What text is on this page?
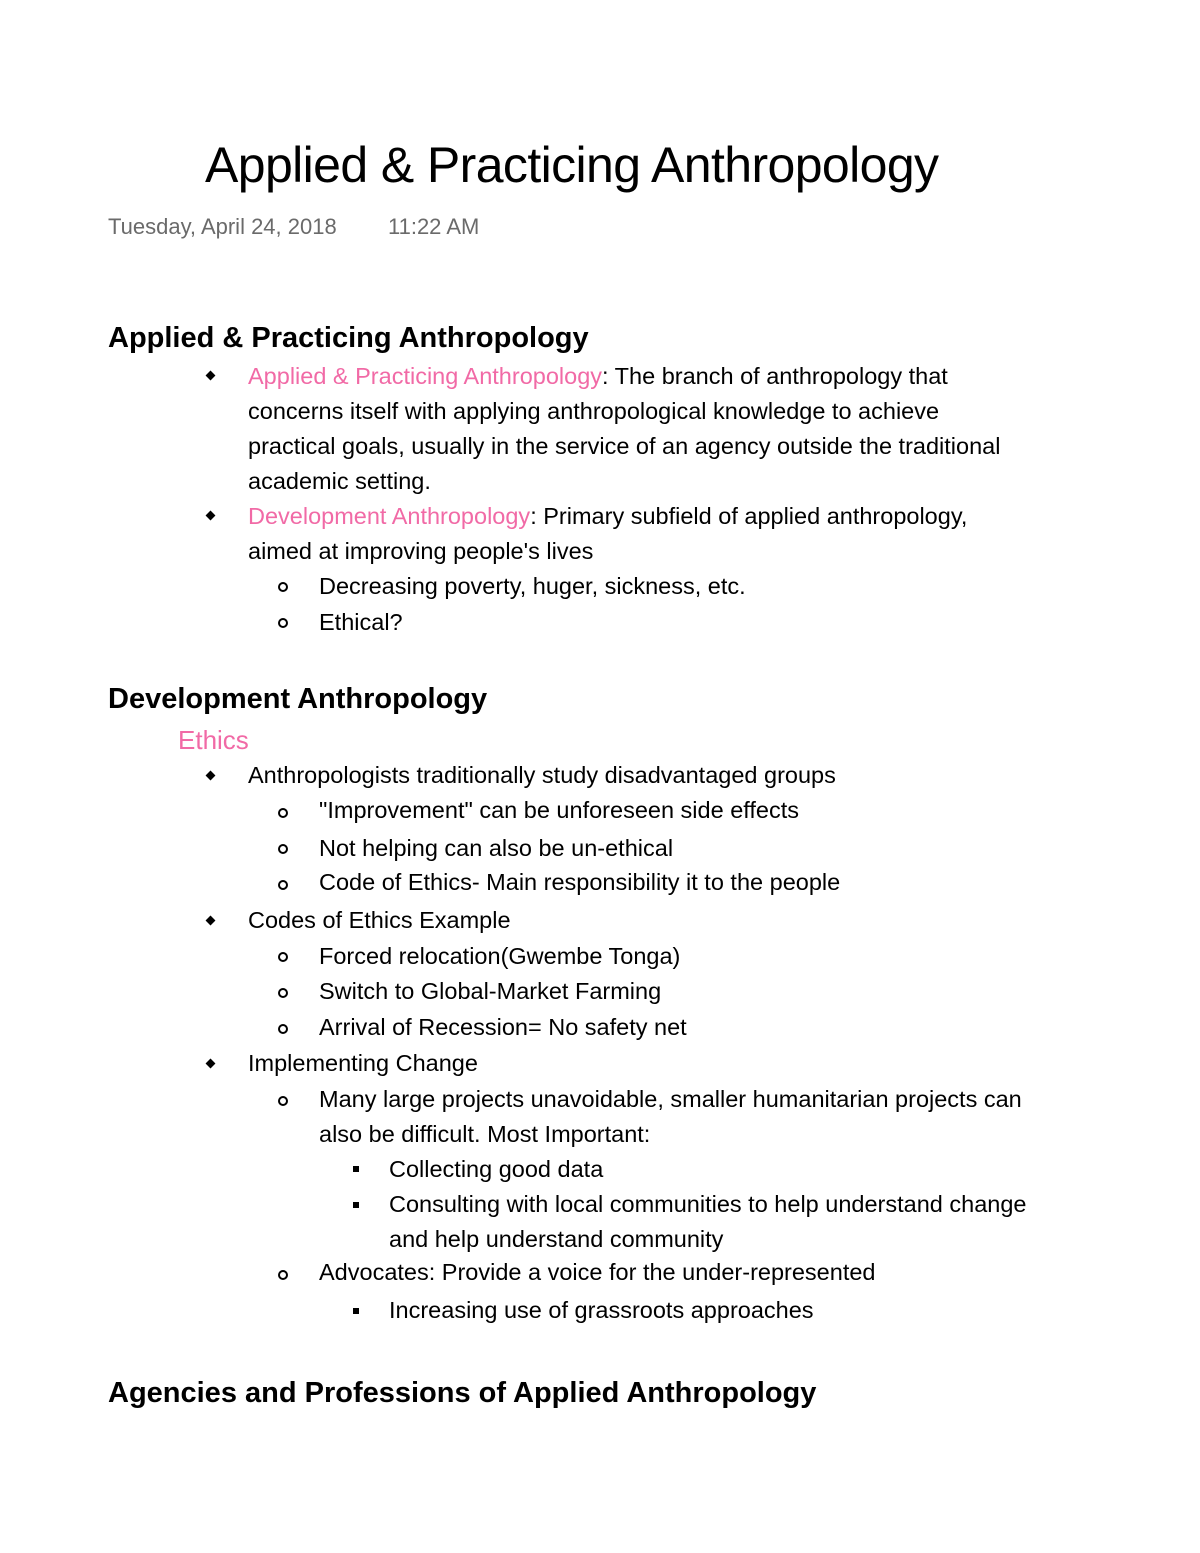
Applied & Practicing Anthropology
Tuesday, April 24, 2018 11:22 AM
Applied & Practicing Anthropology
Applied & Practicing Anthropology: The branch of anthropology that
concerns itself with applying anthropological knowledge to achieve
practical goals, usually in the service of an agency outside the traditional
academic setting.
Development Anthropology: Primary subfield of applied anthropology,
aimed at improving people's lives
Decreasing poverty, huger, sickness, etc.
Ethical?
Development Anthropology
Ethics
Anthropologists traditionally study disadvantaged groups
"Improvement" can be unforeseen side effects
Not helping can also be un-ethical
Code of Ethics- Main responsibility it to the people
Codes of Ethics Example
Forced relocation(Gwembe Tonga)
Switch to Global-Market Farming
Arrival of Recession= No safety net
Implementing Change
Many large projects unavoidable, smaller humanitarian projects can
also be difficult. Most Important:
Collecting good data
Consulting with local communities to help understand change
and help understand community
Advocates: Provide a voice for the under-represented
Increasing use of grassroots approaches
Agencies and Professions of Applied Anthropology
